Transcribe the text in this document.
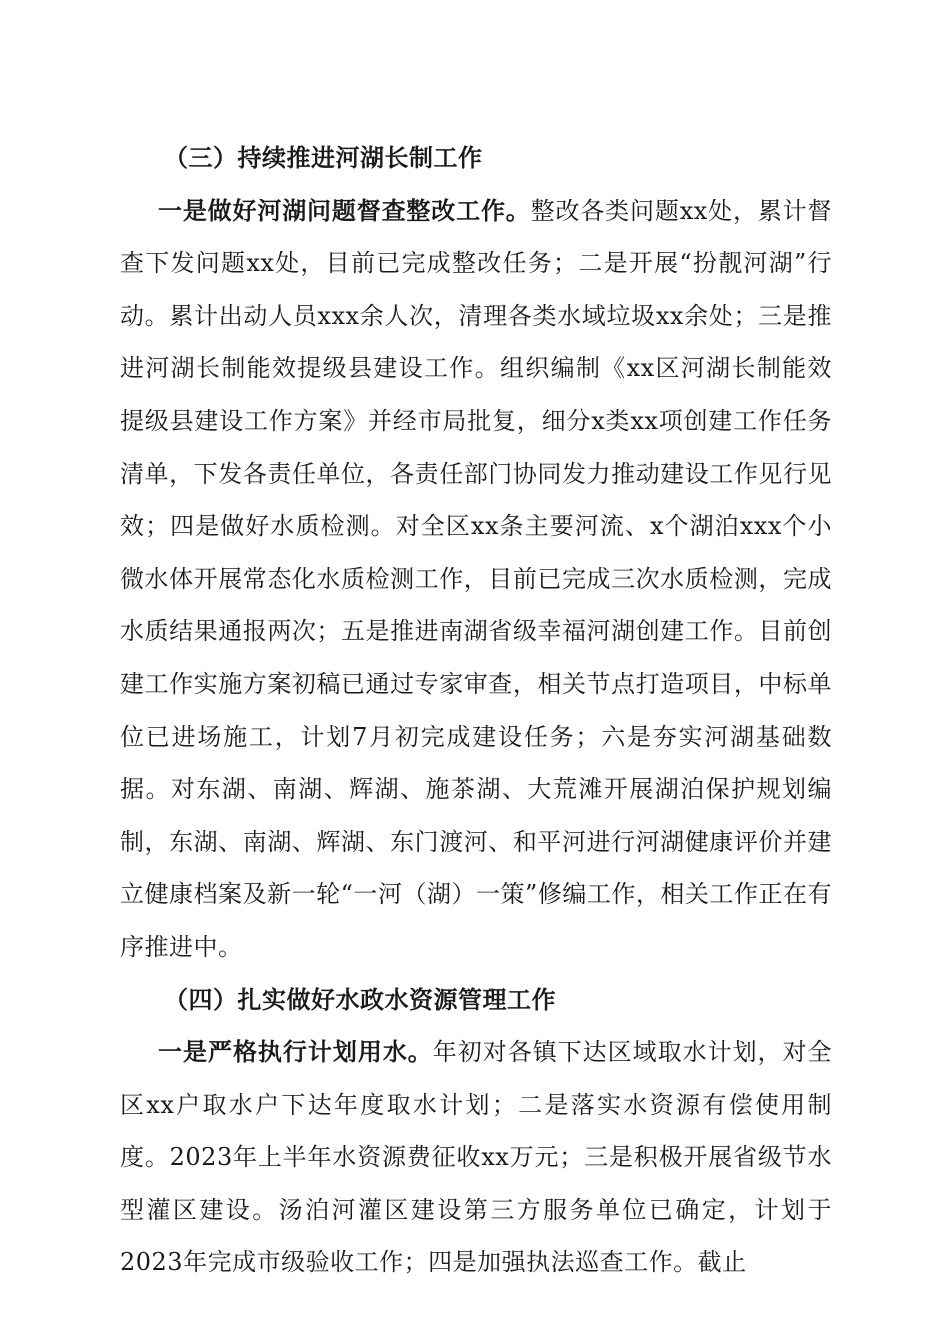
（三）持续推进河湖长制工作

一是做好河湖问题督查整改工作。整改各类问题xx处，累计督查下发问题xx处，目前已完成整改任务；二是开展“扮靓河湖”行动。累计出动人员xxx余人次，清理各类水域垃圾xx余处；三是推进河湖长制能效提级县建设工作。组织编制《xx区河湖长制能效提级县建设工作方案》并经市局批复，细分x类xx项创建工作任务清单，下发各责任单位，各责任部门协同发力推动建设工作见行见效；四是做好水质检测。对全区xx条主要河流、x个湖泊xxx个小微水体开展常态化水质检测工作，目前已完成三次水质检测，完成水质结果通报两次；五是推进南湖省级幸福河湖创建工作。目前创建工作实施方案初稿已通过专家审查，相关节点打造项目，中标单位已进场施工，计划7月初完成建设任务；六是夯实河湖基础数据。对东湖、南湖、辉湖、施茶湖、大荒滩开展湖泊保护规划编制，东湖、南湖、辉湖、东门渡河、和平河进行河湖健康评价并建立健康档案及新一轮“一河（湖）一策”修编工作，相关工作正在有序推进中。

（四）扎实做好水政水资源管理工作

一是严格执行计划用水。年初对各镇下达区域取水计划，对全区xx户取水户下达年度取水计划；二是落实水资源有偿使用制度。2023年上半年水资源费征收xx万元；三是积极开展省级节水型灌区建设。汤泊河灌区建设第三方服务单位已确定，计划于2023年完成市级验收工作；四是加强执法巡查工作。截止
